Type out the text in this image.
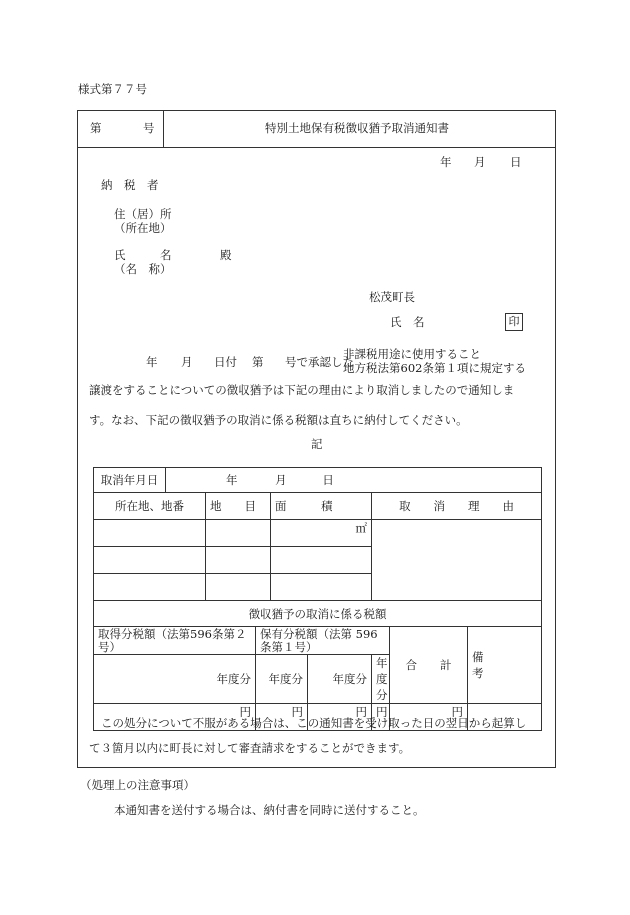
様式第７７号
第	号	特別土地保有税徴収猶予取消通知書
年 月 日
納　税　者
住（居）所
（所在地）
氏　　　名	殿
（名　称）
松茂町長
氏　名	印
年 月 日付 第 号で承認した
非課税用途に使用すること
地方税法第602条第１項に規定する
譲渡をすることについての徴収猶予は下記の理由により取消しましたので通知しま
す。なお、下記の徴収猶予の取消に係る税額は直ちに納付してください。
記
取消年月日	年 月 日							
所在地、地番		地　　目		面　　　積		取　　消　　理　　由		
				㎡				

徴収猶予の取消に係る税額								
取得分税額（法第596条第２号）			保有分税額（法第 596 条第１号）				合　　計	備　　　　考
年度分			年度分		年度分	年度分		
円			円		円	円	円	
この処分について不服がある場合は、この通知書を受け取った日の翌日から起算し
て３箇月以内に町長に対して審査請求をすることができます。
（処理上の注意事項）
本通知書を送付する場合は、納付書を同時に送付すること。
